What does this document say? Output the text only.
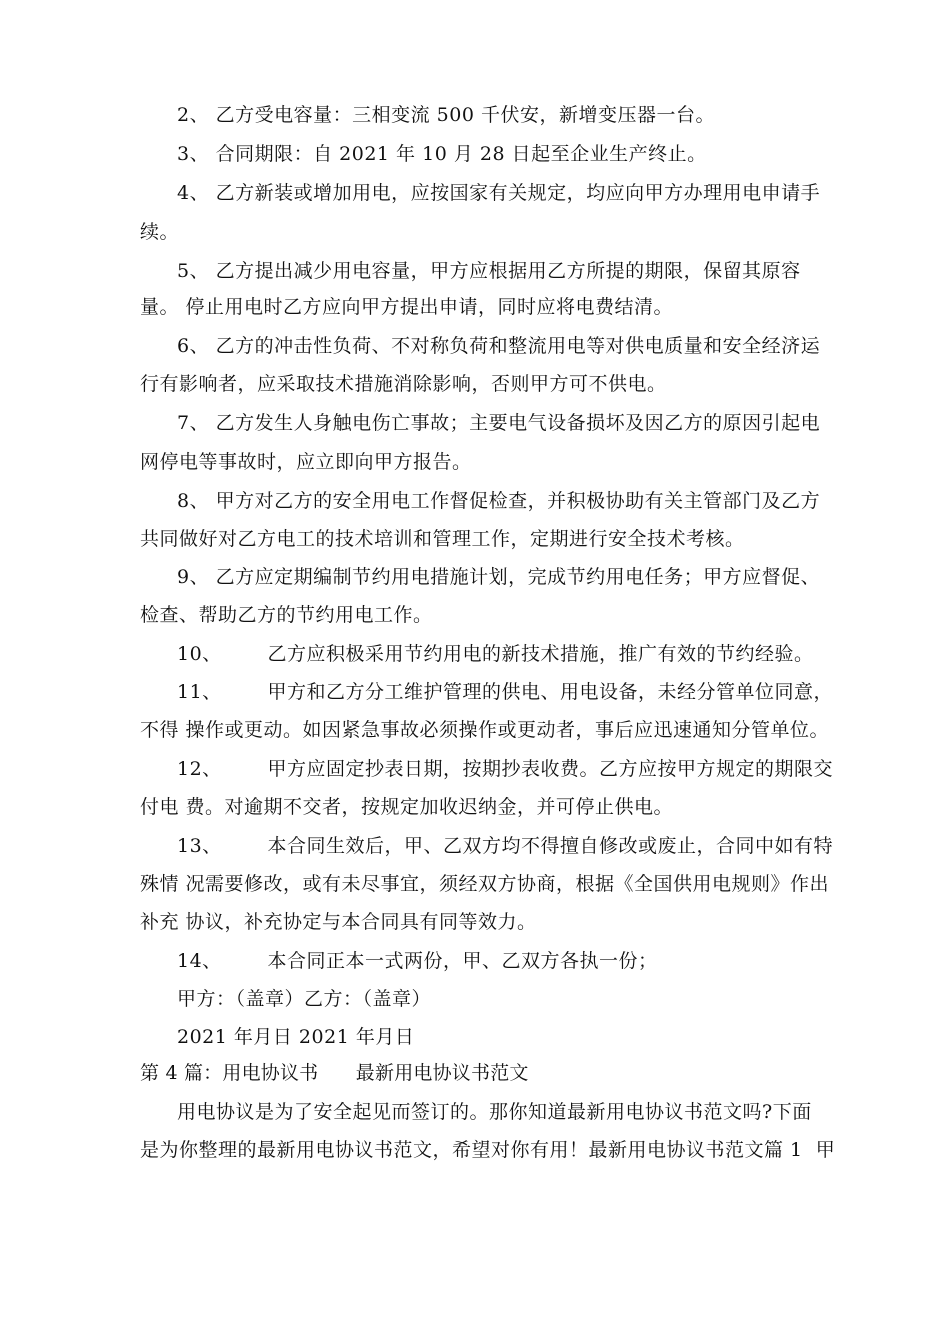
2、 乙方受电容量：三相变流 500 千伏安，新增变压器一台。
3、 合同期限：自 2021 年 10 月 28 日起至企业生产终止。
4、 乙方新装或增加用电，应按国家有关规定，均应向甲方办理用电申请手
续。
5、 乙方提出减少用电容量，甲方应根据用乙方所提的期限，保留其原容
量。 停止用电时乙方应向甲方提出申请，同时应将电费结清。
6、 乙方的冲击性负荷、不对称负荷和整流用电等对供电质量和安全经济运
行有影响者，应采取技术措施消除影响，否则甲方可不供电。
7、 乙方发生人身触电伤亡事故；主要电气设备损坏及因乙方的原因引起电
网停电等事故时，应立即向甲方报告。
8、 甲方对乙方的安全用电工作督促检查，并积极协助有关主管部门及乙方
共同做好对乙方电工的技术培训和管理工作，定期进行安全技术考核。
9、 乙方应定期编制节约用电措施计划，完成节约用电任务；甲方应督促、
检查、帮助乙方的节约用电工作。
10、       乙方应积极采用节约用电的新技术措施，推广有效的节约经验。
11、       甲方和乙方分工维护管理的供电、用电设备，未经分管单位同意，
不得 操作或更动。如因紧急事故必须操作或更动者，事后应迅速通知分管单位。
12、       甲方应固定抄表日期，按期抄表收费。乙方应按甲方规定的期限交
付电 费。对逾期不交者，按规定加收迟纳金，并可停止供电。
13、       本合同生效后，甲、乙双方均不得擅自修改或废止，合同中如有特
殊情 况需要修改，或有未尽事宜，须经双方协商，根据《全国供用电规则》作出
补充 协议，补充协定与本合同具有同等效力。
14、       本合同正本一式两份，甲、乙双方各执一份；
甲方：（盖章）乙方：（盖章）
2021 年月日 2021 年月日
第 4 篇：用电协议书      最新用电协议书范文
用电协议是为了安全起见而签订的。那你知道最新用电协议书范文吗?下面
是为你整理的最新用电协议书范文，希望对你有用！最新用电协议书范文篇 1  甲
